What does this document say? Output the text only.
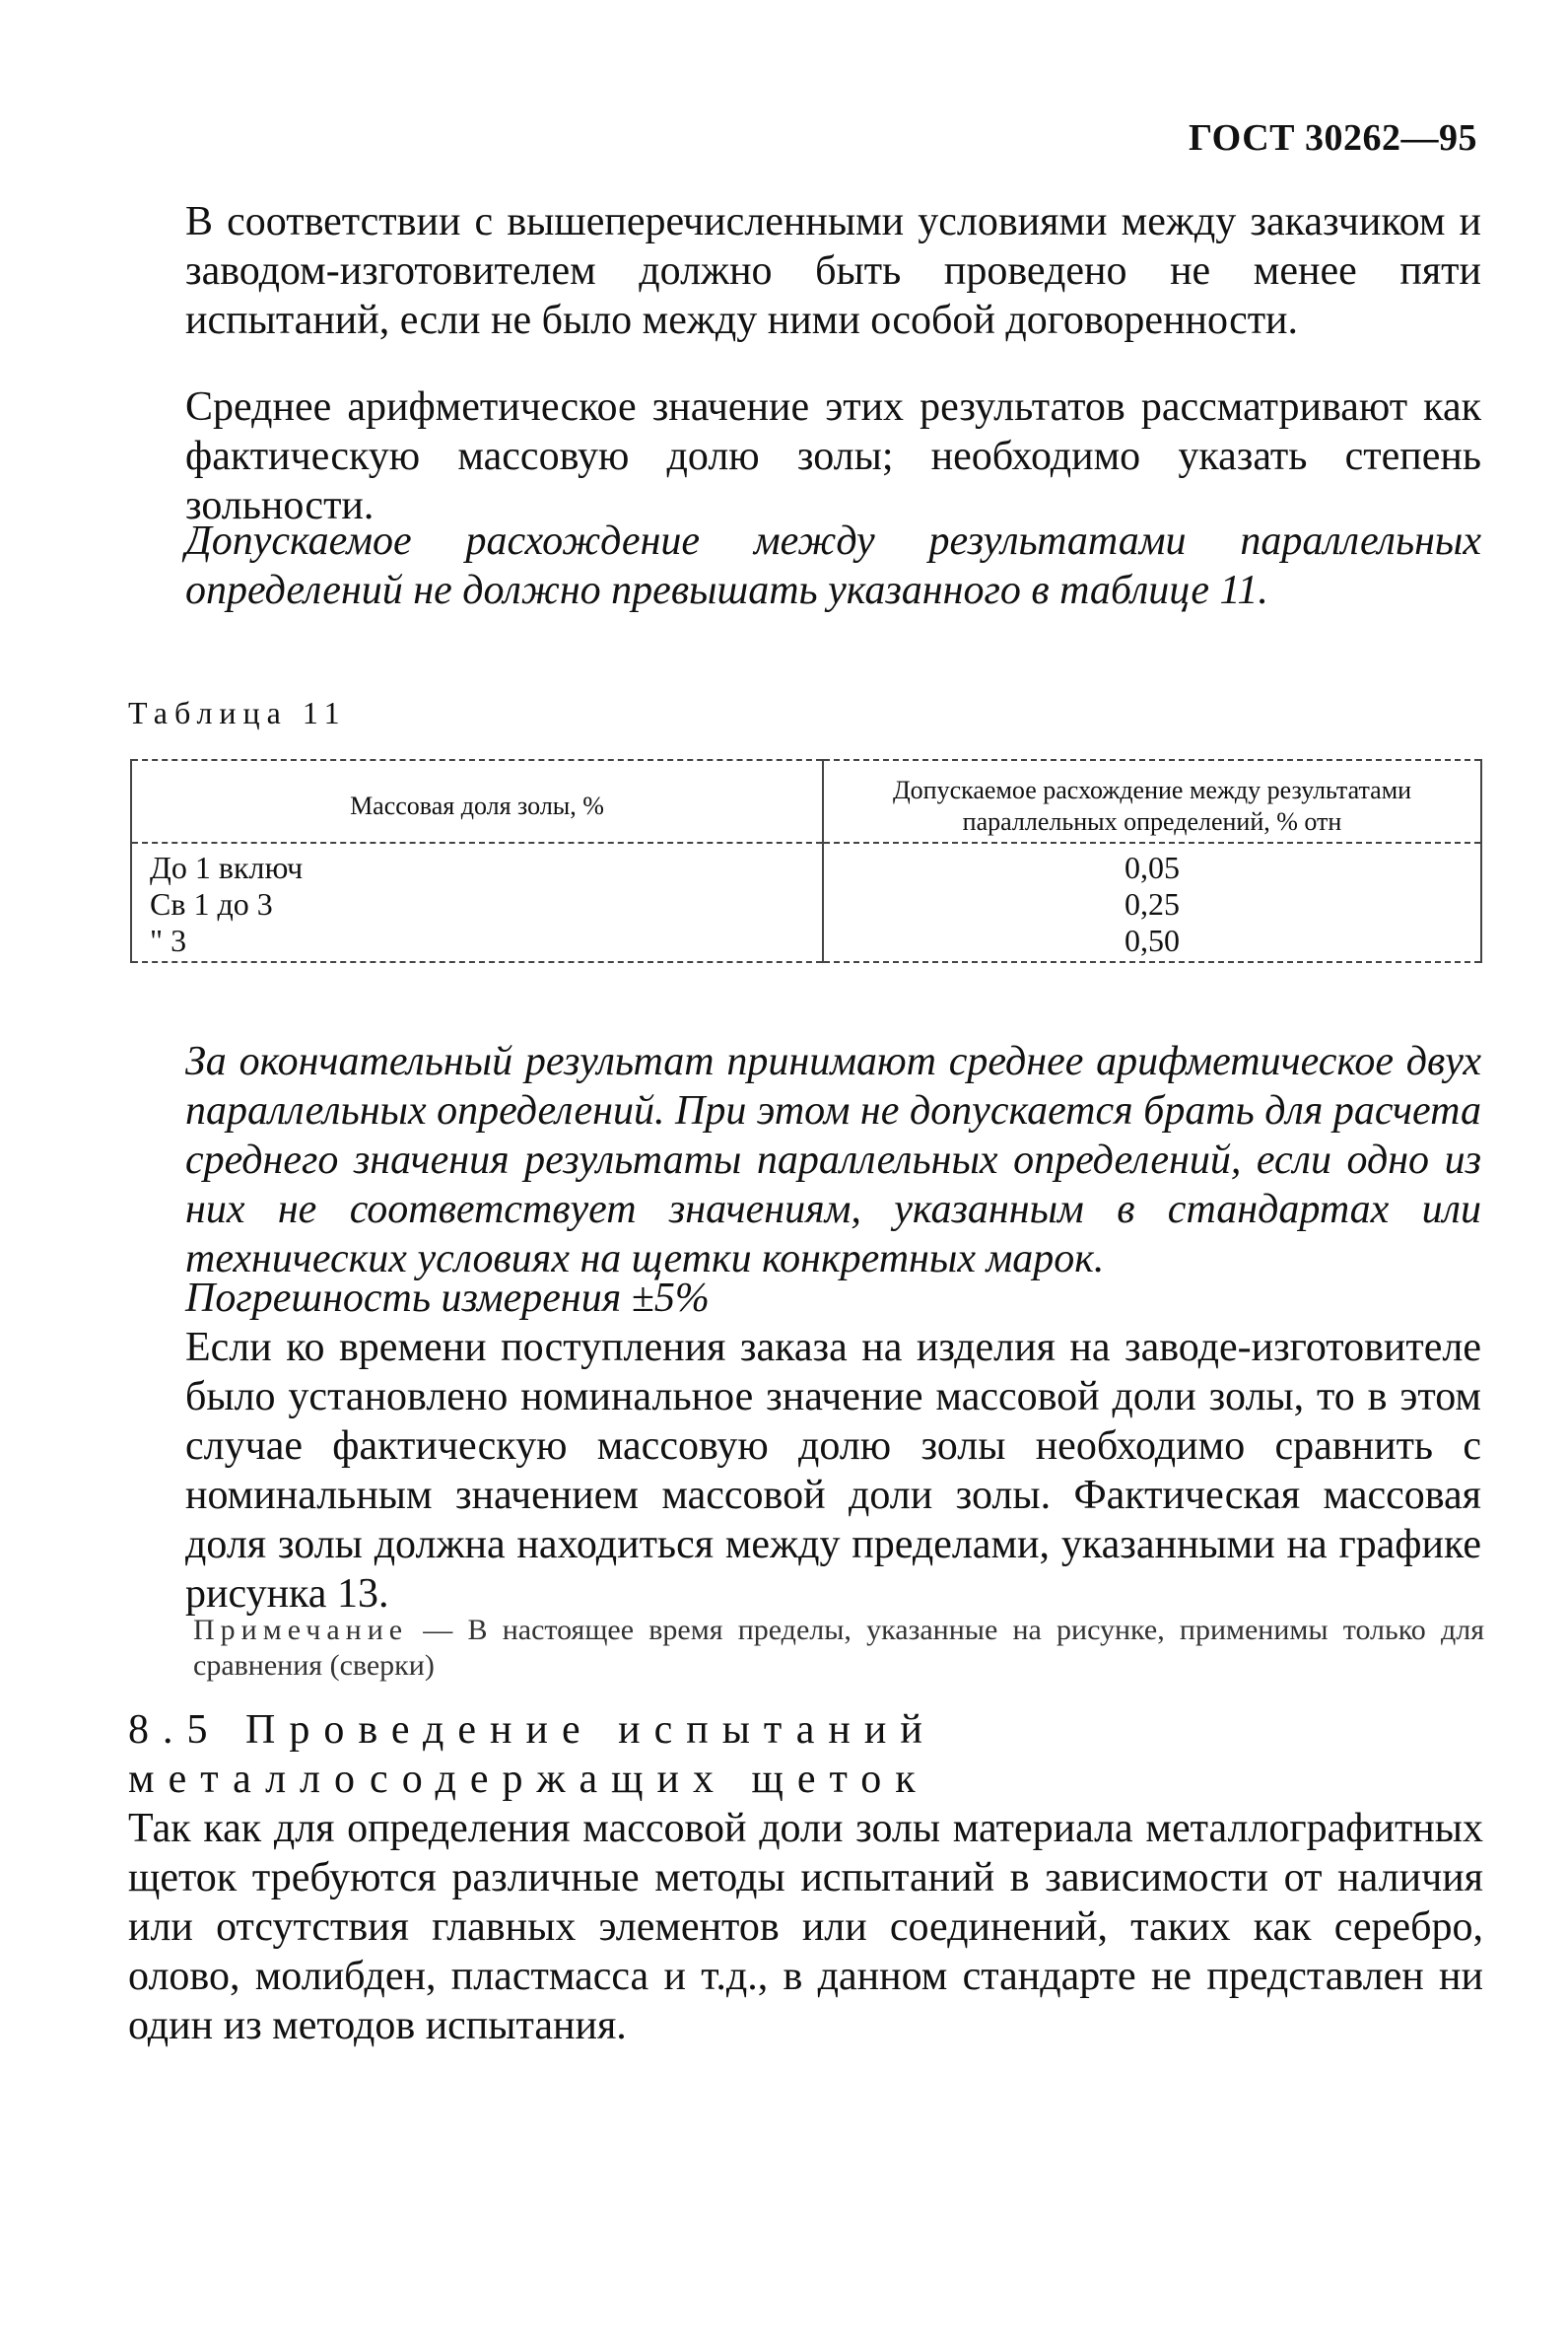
ГОСТ 30262—95

В соответствии с вышеперечисленными условиями между заказчиком и заводом-изготовителем должно быть проведено не менее пяти испытаний, если не было между ними особой договоренности.

Среднее арифметическое значение этих результатов рассматривают как фактическую массовую долю золы; необходимо указать степень зольности.

Допускаемое расхождение между результатами параллельных определений не должно превышать указанного в таблице 11.

Таблица 11
Массовая доля золы, %	Допускаемое расхождение между результатами параллельных определений, % отн
До 1 включ	0,05
Св 1 до 3	0,25
" 3	0,50

За окончательный результат принимают среднее арифметическое двух параллельных определений. При этом не допускается брать для расчета среднего значения результаты параллельных определений, если одно из них не соответствует значениям, указанным в стандартах или технических условиях на щетки конкретных марок.

Погрешность измерения ±5%

Если ко времени поступления заказа на изделия на заводе-изготовителе было установлено номинальное значение массовой доли золы, то в этом случае фактическую массовую долю золы необходимо сравнить с номинальным значением массовой доли золы. Фактическая массовая доля золы должна находиться между пределами, указанными на графике рисунка 13.

Примечание — В настоящее время пределы, указанные на рисунке, применимы только для сравнения (сверки)
8.5 Проведение испытаний металлосодержащих щеток

Так как для определения массовой доли золы материала металлографитных щеток требуются различные методы испытаний в зависимости от наличия или отсутствия главных элементов или соединений, таких как серебро, олово, молибден, пластмасса и т.д., в данном стандарте не представлен ни один из методов испытания.
